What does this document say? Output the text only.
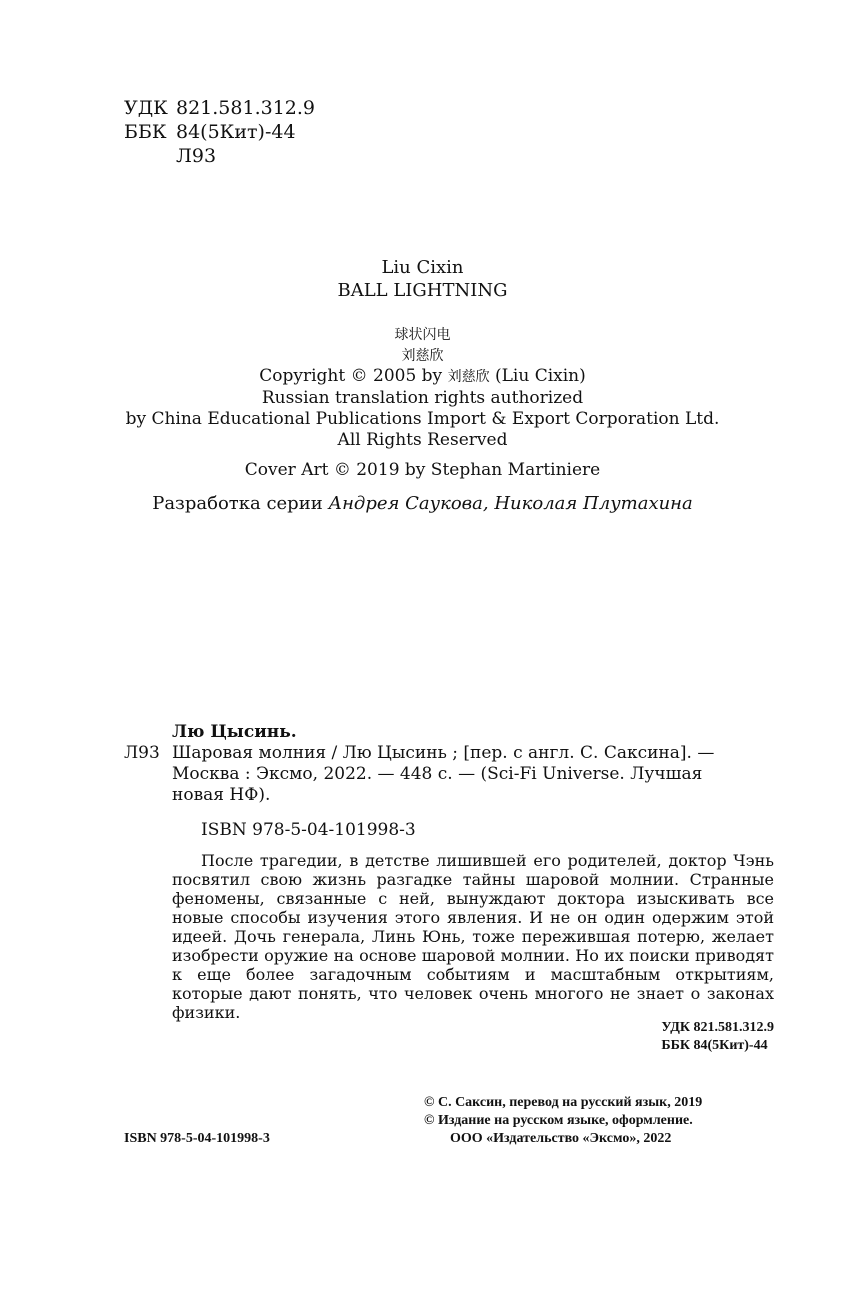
УДК 821.581.312.9
ББК 84(5Кит)-44
Л93
Liu Cixin
BALL LIGHTNING
球状闪电
刘慈欣
Copyright © 2005 by 刘慈欣 (Liu Cixin)
Russian translation rights authorized
by China Educational Publications Import & Export Corporation Ltd.
All Rights Reserved
Cover Art © 2019 by Stephan Martiniere
Разработка серии Андрея Саукова, Николая Плутахина
Лю Цысинь.
Л93 Шаровая молния / Лю Цысинь ; [пер. с англ. С. Саксина]. —
Москва : Эксмо, 2022. — 448 с. — (Sci-Fi Universe. Лучшая
новая НФ).
ISBN 978-5-04-101998-3
После трагедии, в детстве лишившей его родителей, доктор Чэнь посвятил свою жизнь разгадке тайны шаровой молнии. Странные феномены, связанные с ней, вынуждают доктора изыскивать все новые способы изучения этого явления. И не он один одержим этой идеей. Дочь генерала, Линь Юнь, тоже пережившая потерю, желает изобрести оружие на основе шаровой молнии. Но их поиски приводят к еще более загадочным событиям и масштабным открытиям, которые дают понять, что человек очень многого не знает о законах физики.
УДК 821.581.312.9
ББК 84(5Кит)-44
© С. Саксин, перевод на русский язык, 2019
© Издание на русском языке, оформление.
ООО «Издательство «Эксмо», 2022
ISBN 978-5-04-101998-3
